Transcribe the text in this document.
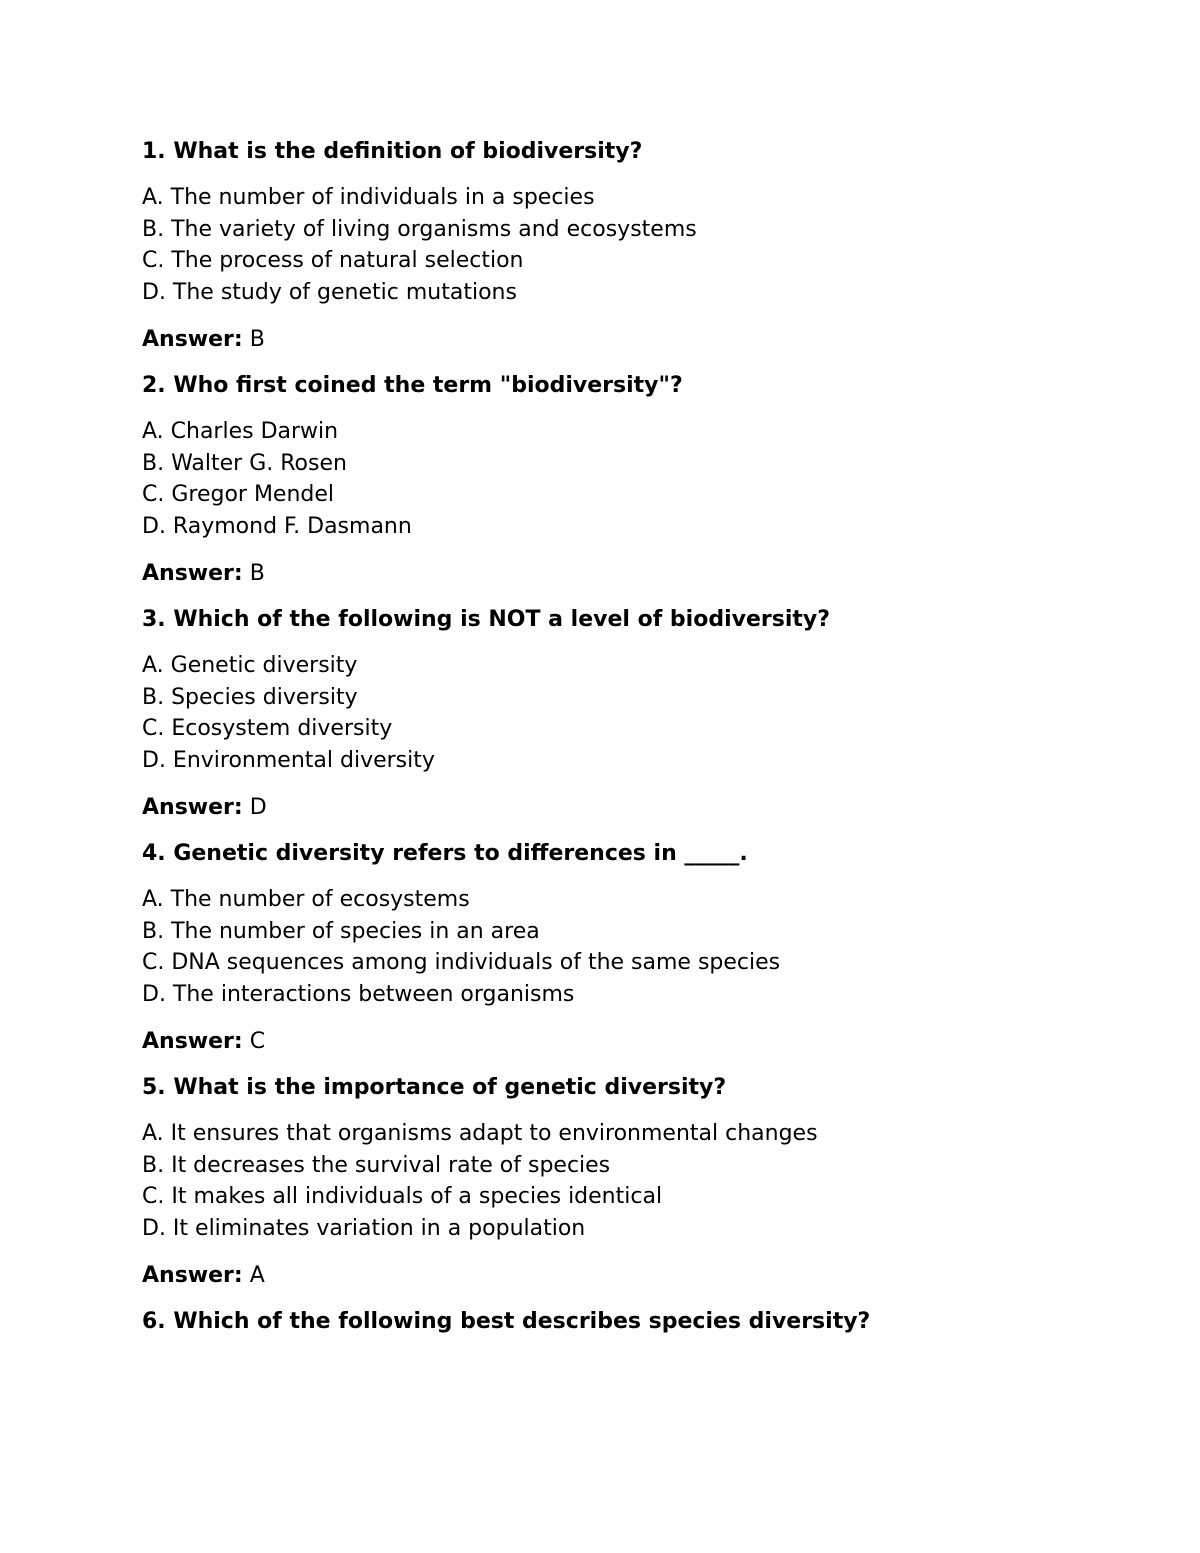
1. What is the definition of biodiversity?

A. The number of individuals in a species
B. The variety of living organisms and ecosystems
C. The process of natural selection
D. The study of genetic mutations

Answer: B

2. Who first coined the term "biodiversity"?

A. Charles Darwin
B. Walter G. Rosen
C. Gregor Mendel
D. Raymond F. Dasmann

Answer: B

3. Which of the following is NOT a level of biodiversity?

A. Genetic diversity
B. Species diversity
C. Ecosystem diversity
D. Environmental diversity

Answer: D

4. Genetic diversity refers to differences in _____.

A. The number of ecosystems
B. The number of species in an area
C. DNA sequences among individuals of the same species
D. The interactions between organisms

Answer: C

5. What is the importance of genetic diversity?

A. It ensures that organisms adapt to environmental changes
B. It decreases the survival rate of species
C. It makes all individuals of a species identical
D. It eliminates variation in a population

Answer: A

6. Which of the following best describes species diversity?
